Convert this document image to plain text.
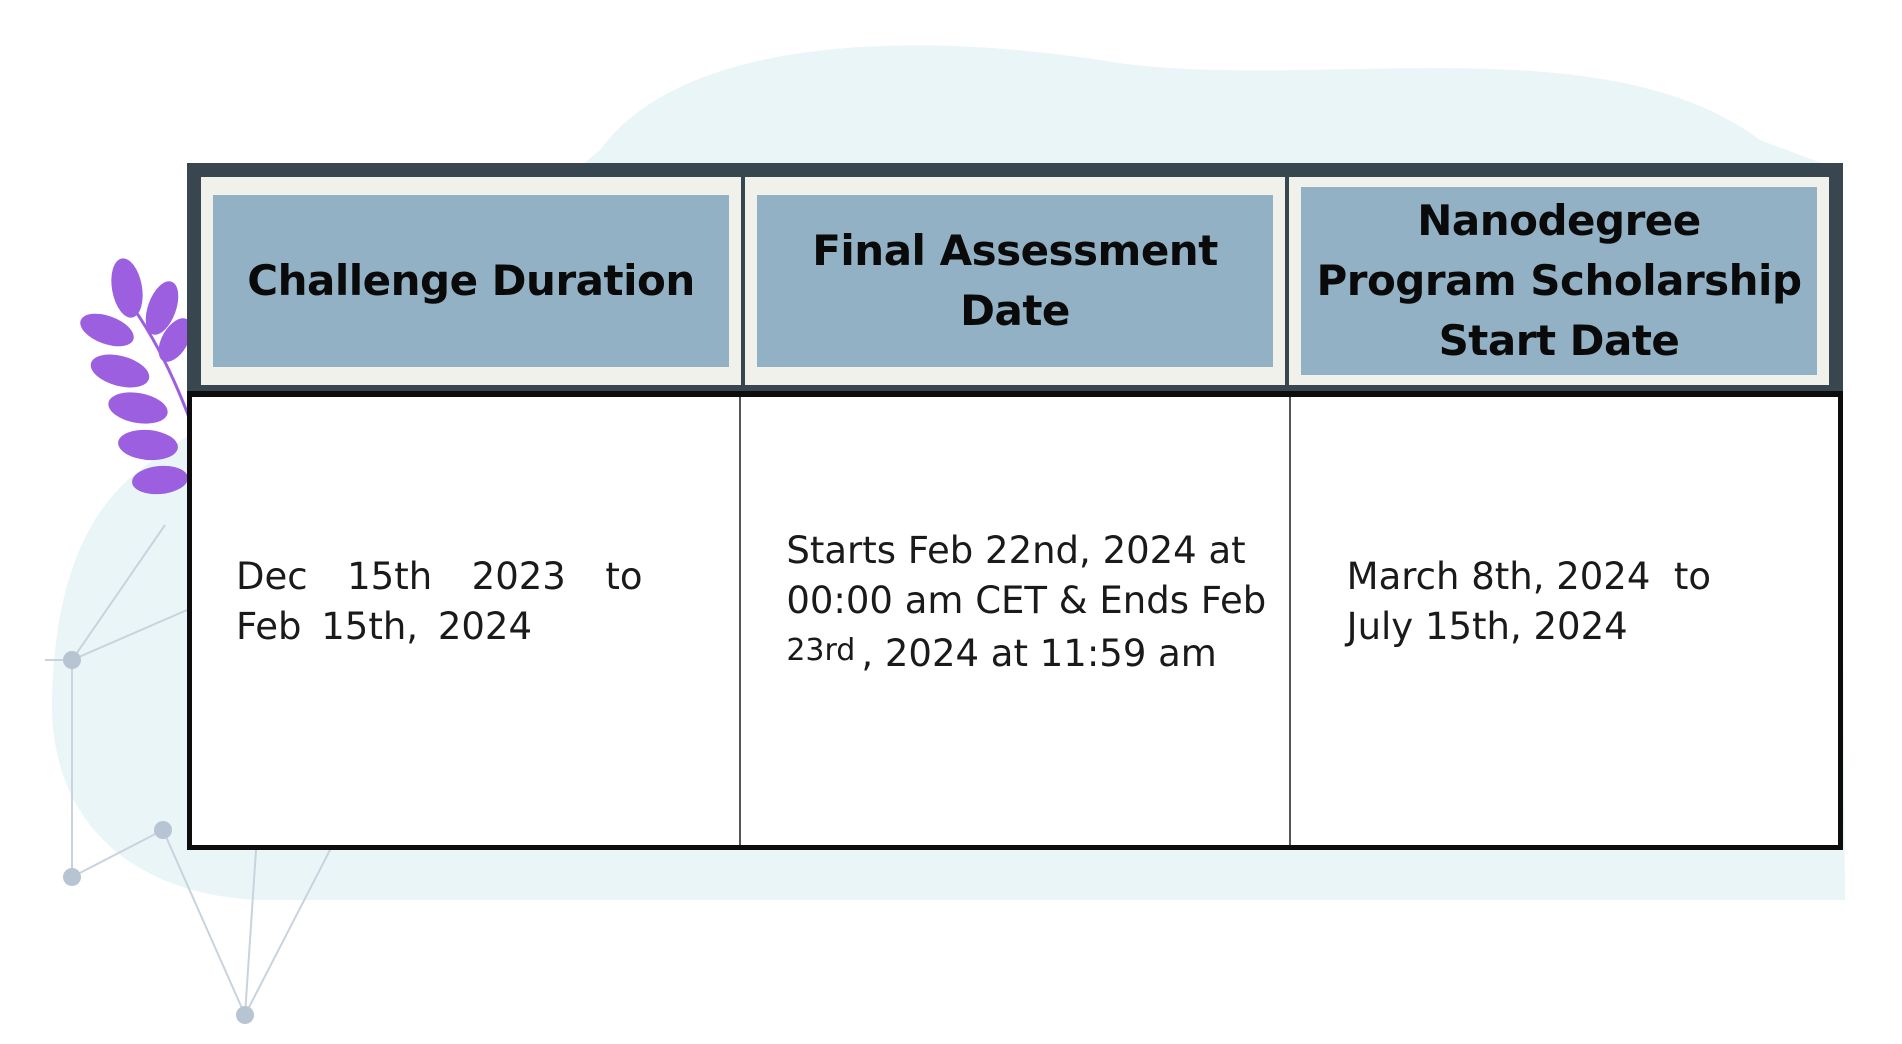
Challenge Duration
Final Assessment Date
Nanodegree Program Scholarship Start Date
Dec  15th  2023  to
Feb 15th, 2024
Starts Feb 22nd, 2024 at
00:00 am CET & Ends Feb
$^{23rd}$ , 2024 at 11:59 am
March 8th, 2024  to
July 15th, 2024
